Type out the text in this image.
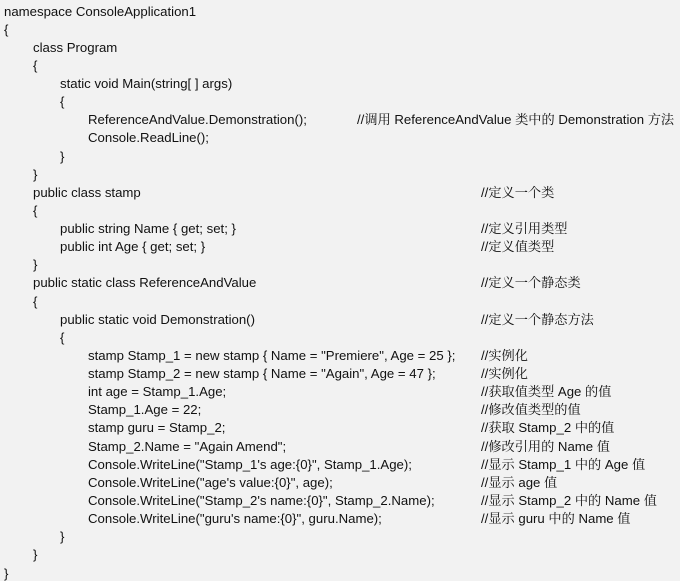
namespace ConsoleApplication1
{
class Program
{
static void Main(string[ ] args)
{
ReferenceAndValue.Demonstration();	//调用 ReferenceAndValue 类中的 Demonstration 方法
Console.ReadLine();
}
}
public class stamp	//定义一个类
{
public string Name { get; set; }	//定义引用类型
public int Age { get; set; }	//定义值类型
}
public static class ReferenceAndValue	//定义一个静态类
{
public static void Demonstration()	//定义一个静态方法
{
stamp Stamp_1 = new stamp { Name = "Premiere", Age = 25 }; //实例化
stamp Stamp_2 = new stamp { Name = "Again", Age = 47 };	//实例化
int age = Stamp_1.Age;	//获取值类型 Age 的值
Stamp_1.Age = 22;	//修改值类型的值
stamp guru = Stamp_2;	//获取 Stamp_2 中的值
Stamp_2.Name = "Again Amend";	//修改引用的 Name 值
Console.WriteLine("Stamp_1's age:{0}", Stamp_1.Age);	//显示 Stamp_1 中的 Age 值
Console.WriteLine("age's value:{0}", age);	//显示 age 值
Console.WriteLine("Stamp_2's name:{0}", Stamp_2.Name);	//显示 Stamp_2 中的 Name 值
Console.WriteLine("guru's name:{0}", guru.Name);	//显示 guru 中的 Name 值
}
}
}
